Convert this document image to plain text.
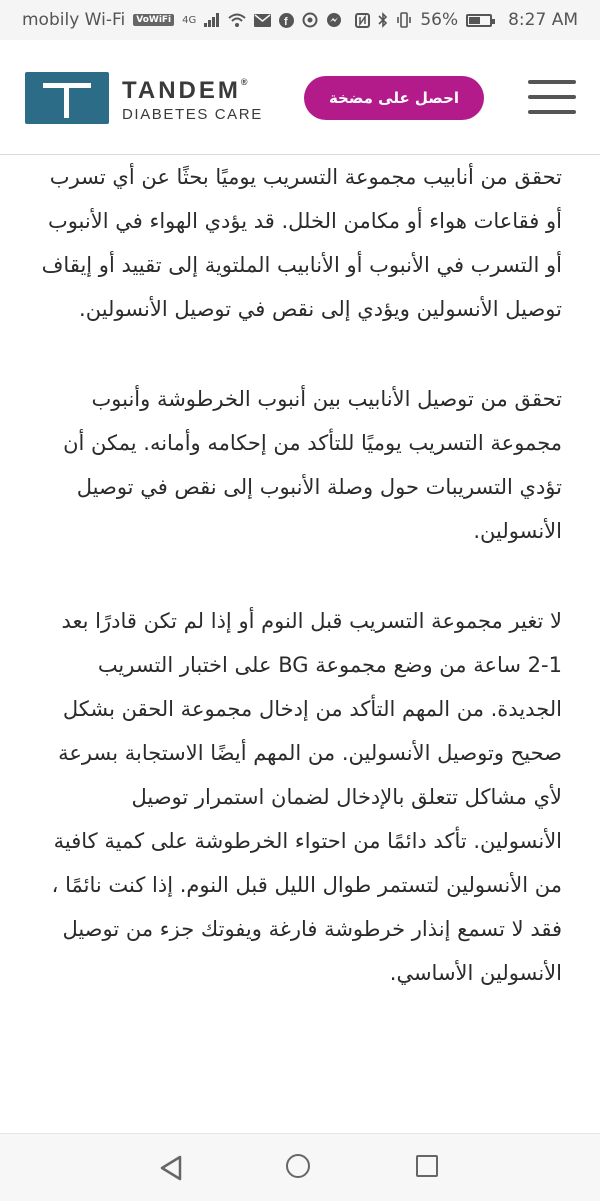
mobily Wi-Fi	VoWiFi	4G	f	56%	8:27 AM
TANDEM®
DIABETES CARE
احصل على مضخة

تحقق من أنابيب مجموعة التسريب يوميًا بحثًا عن أي تسرب أو فقاعات هواء أو مكامن الخلل. قد يؤدي الهواء في الأنبوب أو التسرب في الأنبوب أو الأنابيب الملتوية إلى تقييد أو إيقاف توصيل الأنسولين ويؤدي إلى نقص في توصيل الأنسولين.

تحقق من توصيل الأنابيب بين أنبوب الخرطوشة وأنبوب مجموعة التسريب يوميًا للتأكد من إحكامه وأمانه. يمكن أن تؤدي التسريبات حول وصلة الأنبوب إلى نقص في توصيل الأنسولين.

لا تغير مجموعة التسريب قبل النوم أو إذا لم تكن قادرًا بعد 1-2 ساعة من وضع مجموعة BG على اختبار التسريب الجديدة. من المهم التأكد من إدخال مجموعة الحقن بشكل صحيح وتوصيل الأنسولين. من المهم أيضًا الاستجابة بسرعة لأي مشاكل تتعلق بالإدخال لضمان استمرار توصيل الأنسولين. تأكد دائمًا من احتواء الخرطوشة على كمية كافية من الأنسولين لتستمر طوال الليل قبل النوم. إذا كنت نائمًا ، فقد لا تسمع إنذار خرطوشة فارغة ويفوتك جزء من توصيل الأنسولين الأساسي.
